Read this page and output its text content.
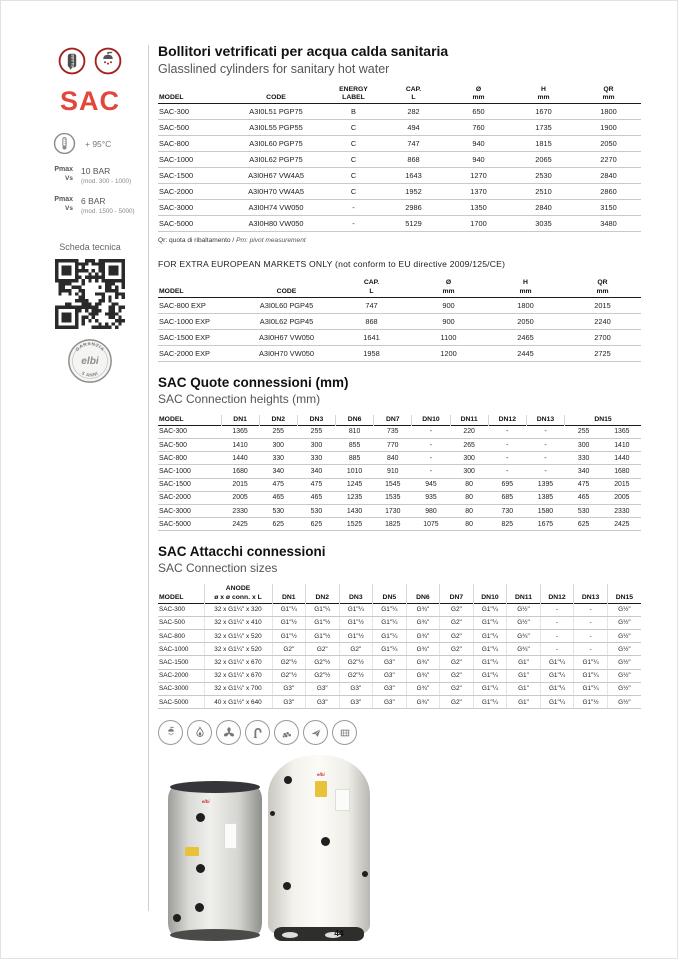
GLASS
SAC
+ 95°C
Pmax
Vs
10 BAR
(mod. 300 - 1000)
Pmax
Vs
6 BAR
(mod. 1500 - 5000)
Scheda tecnica
GARANZIA
5 ANNI
elbi
Bollitori vetrificati per acqua calda sanitaria
Glasslined cylinders for sanitary hot water
MODEL	CODE

ENERGY
LABEL

CAP.
L

Ø
mm

H
mm

QR
mm

SAC-300	A3I0L51 PGP75	B	282	650	1670	1800
SAC-500	A3I0L55 PGP55	C	494	760	1735	1900
SAC-800	A3I0L60 PGP75	C	747	940	1815	2050
SAC-1000	A3I0L62 PGP75	C	868	940	2065	2270
SAC-1500	A3I0H67 VW4A5	C	1643	1270	2530	2840
SAC-2000	A3I0H70 VW4A5	C	1952	1370	2510	2860
SAC-3000	A3I0H74 VW050	-	2986	1350	2840	3150
SAC-5000	A3I0H80 VW050	-	5129	1700	3035	3480
Qr: quota di ribaltamento / Pm: pivot measurement
FOR EXTRA EUROPEAN MARKETS ONLY (not conform to EU directive 2009/125/CE)
MODEL	CODE

CAP.
L

Ø
mm

H
mm

QR
mm

SAC-800 EXP	A3I0L60 PGP45	747	900	1800	2015
SAC-1000 EXP	A3I0L62 PGP45	868	900	2050	2240
SAC-1500 EXP	A3I0H67 VW050	1641	1100	2465	2700
SAC-2000 EXP	A3I0H70 VW050	1958	1200	2445	2725
SAC Quote connessioni (mm)
SAC Connection heights (mm)
MODEL	DN1	DN2	DN3	DN6	DN7	DN10	DN11	DN12	DN13	DN15	

SAC-300	1365	255	255	810	735	-	220	-	-	255	1365
SAC-500	1410	300	300	855	770	-	265	-	-	300	1410
SAC-800	1440	330	330	885	840	-	300	-	-	330	1440
SAC-1000	1680	340	340	1010	910	-	300	-	-	340	1680
SAC-1500	2015	475	475	1245	1545	945	80	695	1395	475	2015
SAC-2000	2005	465	465	1235	1535	935	80	685	1385	465	2005
SAC-3000	2330	530	530	1430	1730	980	80	730	1580	530	2330
SAC-5000	2425	625	625	1525	1825	1075	80	825	1675	625	2425
SAC Attacchi connessioni
SAC Connection sizes
MODEL	ANODE
ø x ø conn. x L	DN1	DN2	DN3	DN5	DN6	DN7	DN10	DN11	DN12	DN13	DN15

SAC-300	32 x G1¼" x 320	G1"¼	G1"¼	G1"¼	G1"¼	G¾"	G2"	G1"¼	G½"	-	-	G½"
SAC-500	32 x G1¼" x 410	G1"½	G1"½	G1"½	G1"¼	G¾"	G2"	G1"¼	G½"	-	-	G½"
SAC-800	32 x G1¼" x 520	G1"½	G1"½	G1"½	G1"¼	G¾"	G2"	G1"¼	G¾"	-	-	G½"
SAC-1000	32 x G1¼" x 520	G2"	G2"	G2"	G1"¼	G¾"	G2"	G1"¼	G¾"	-	-	G½"
SAC-1500	32 x G1¼" x 670	G2"½	G2"½	G2"½	G3"	G¾"	G2"	G1"¼	G1"	G1"¼	G1"¼	G½"
SAC-2000	32 x G1¼" x 670	G2"½	G2"½	G2"½	G3"	G¾"	G2"	G1"¼	G1"	G1"¼	G1"¼	G½"
SAC-3000	32 x G1¼" x 700	G3"	G3"	G3"	G3"	G¾"	G2"	G1"¼	G1"	G1"¼	G1"¼	G½"
SAC-5000	40 x G1½" x 640	G3"	G3"	G3"	G3"	G¾"	G2"	G1"¼	G1"	G1"¼	G1"½	G½"
elbi
elbi
44
